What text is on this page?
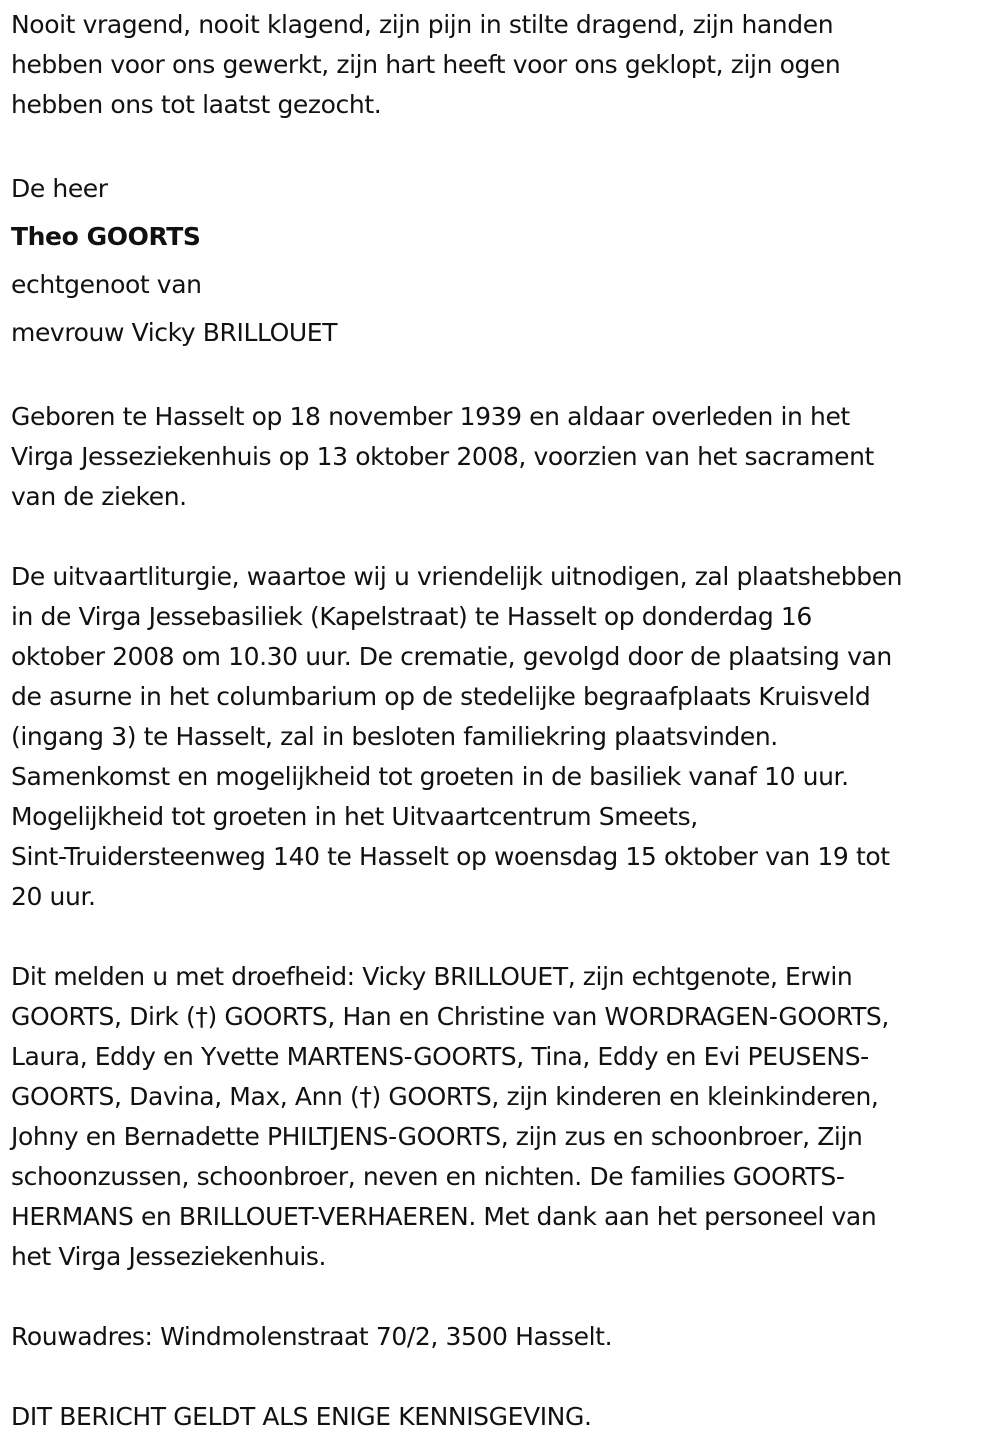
Nooit vragend, nooit klagend, zijn pijn in stilte dragend, zijn handen
hebben voor ons gewerkt, zijn hart heeft voor ons geklopt, zijn ogen
hebben ons tot laatst gezocht.
De heer
Theo GOORTS
echtgenoot van
mevrouw Vicky BRILLOUET
Geboren te Hasselt op 18 november 1939 en aldaar overleden in het
Virga Jesseziekenhuis op 13 oktober 2008, voorzien van het sacrament
van de zieken.
De uitvaartliturgie, waartoe wij u vriendelijk uitnodigen, zal plaatshebben
in de Virga Jessebasiliek (Kapelstraat) te Hasselt op donderdag 16
oktober 2008 om 10.30 uur. De crematie, gevolgd door de plaatsing van
de asurne in het columbarium op de stedelijke begraafplaats Kruisveld
(ingang 3) te Hasselt, zal in besloten familiekring plaatsvinden.
Samenkomst en mogelijkheid tot groeten in de basiliek vanaf 10 uur.
Mogelijkheid tot groeten in het Uitvaartcentrum Smeets,
Sint-Truidersteenweg 140 te Hasselt op woensdag 15 oktober van 19 tot
20 uur.
Dit melden u met droefheid: Vicky BRILLOUET, zijn echtgenote, Erwin
GOORTS, Dirk (†) GOORTS, Han en Christine van WORDRAGEN-GOORTS,
Laura, Eddy en Yvette MARTENS-GOORTS, Tina, Eddy en Evi PEUSENS-
GOORTS, Davina, Max, Ann (†) GOORTS, zijn kinderen en kleinkinderen,
Johny en Bernadette PHILTJENS-GOORTS, zijn zus en schoonbroer, Zijn
schoonzussen, schoonbroer, neven en nichten. De families GOORTS-
HERMANS en BRILLOUET-VERHAEREN. Met dank aan het personeel van
het Virga Jesseziekenhuis.
Rouwadres: Windmolenstraat 70/2, 3500 Hasselt.
DIT BERICHT GELDT ALS ENIGE KENNISGEVING.
